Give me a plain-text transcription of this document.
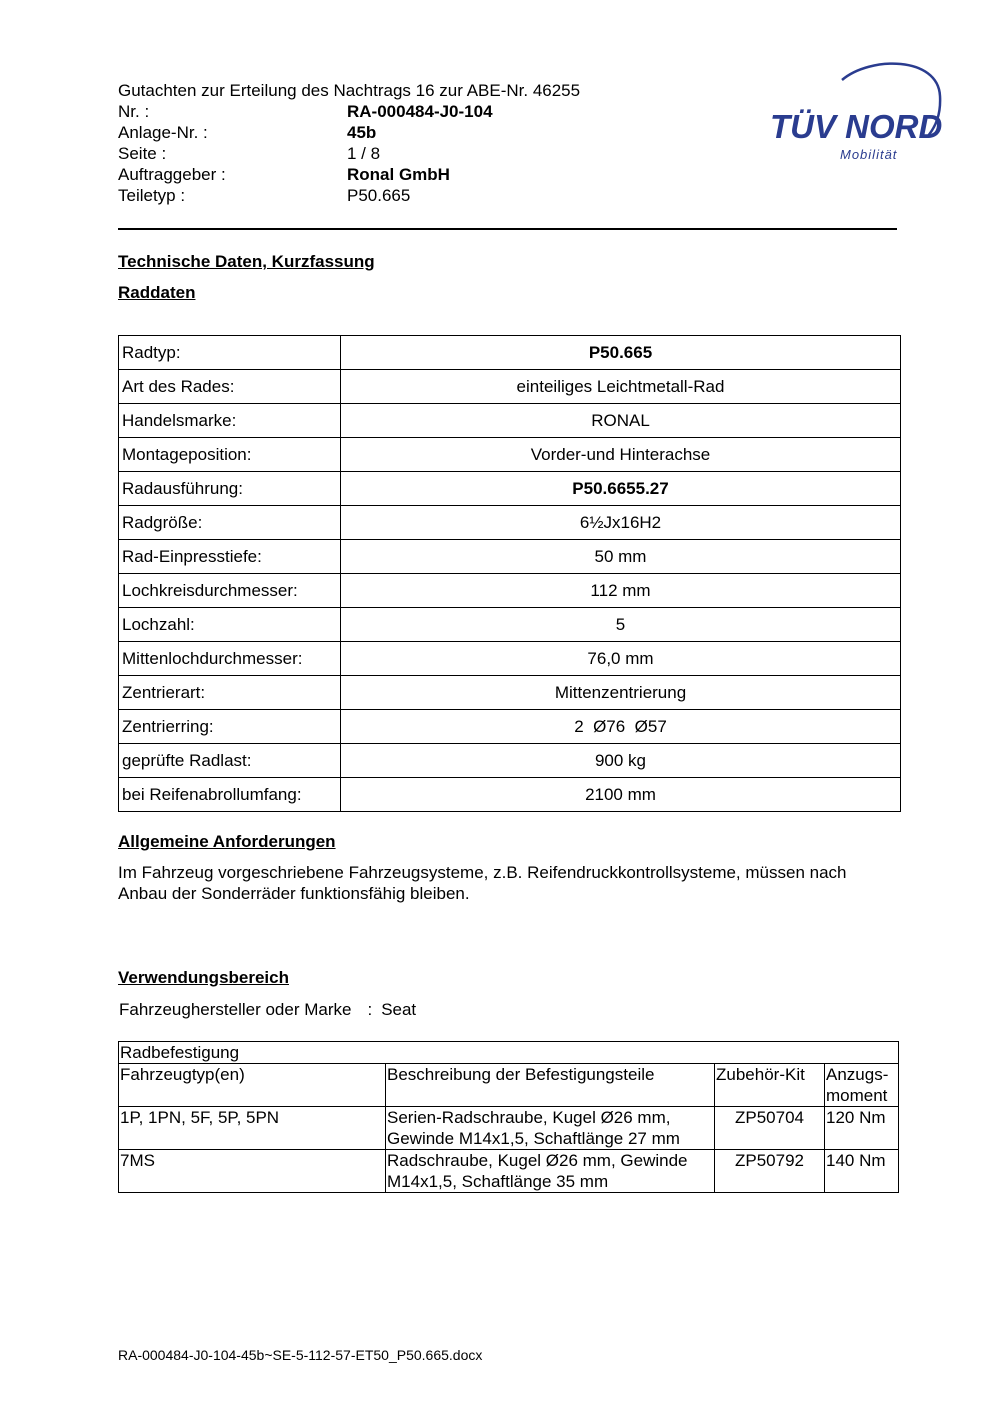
Gutachten zur Erteilung des Nachtrags 16 zur ABE-Nr. 46255
Nr. :	RA-000484-J0-104
Anlage-Nr. :	45b
Seite :	1 / 8
Auftraggeber :	Ronal GmbH
Teiletyp :	P50.665
TÜV NORD
Mobilität
Technische Daten, Kurzfassung
Raddaten
Radtyp:	P50.665
Art des Rades:	einteiliges Leichtmetall-Rad
Handelsmarke:	RONAL
Montageposition:	Vorder-und Hinterachse
Radausführung:	P50.6655.27
Radgröße:	6½Jx16H2
Rad-Einpresstiefe:	50 mm
Lochkreisdurchmesser:	112 mm
Lochzahl:	5
Mittenlochdurchmesser:	76,0 mm
Zentrierart:	Mittenzentrierung
Zentrierring:	2  Ø76  Ø57
geprüfte Radlast:	900 kg
bei Reifenabrollumfang:	2100 mm
Allgemeine Anforderungen
Im Fahrzeug vorgeschriebene Fahrzeugsysteme, z.B. Reifendruckkontrollsysteme, müssen nach Anbau der Sonderräder funktionsfähig bleiben.
Verwendungsbereich
Fahrzeughersteller oder Marke : Seat
Radbefestigung			
Fahrzeugtyp(en)	Beschreibung der Befestigungsteile	Zubehör-Kit	Anzugs-moment
1P, 1PN, 5F, 5P, 5PN	Serien-Radschraube, Kugel Ø26 mm, Gewinde M14x1,5, Schaftlänge 27 mm	ZP50704	120 Nm
7MS	Radschraube, Kugel Ø26 mm, Gewinde M14x1,5, Schaftlänge 35 mm	ZP50792	140 Nm
RA-000484-J0-104-45b~SE-5-112-57-ET50_P50.665.docx
